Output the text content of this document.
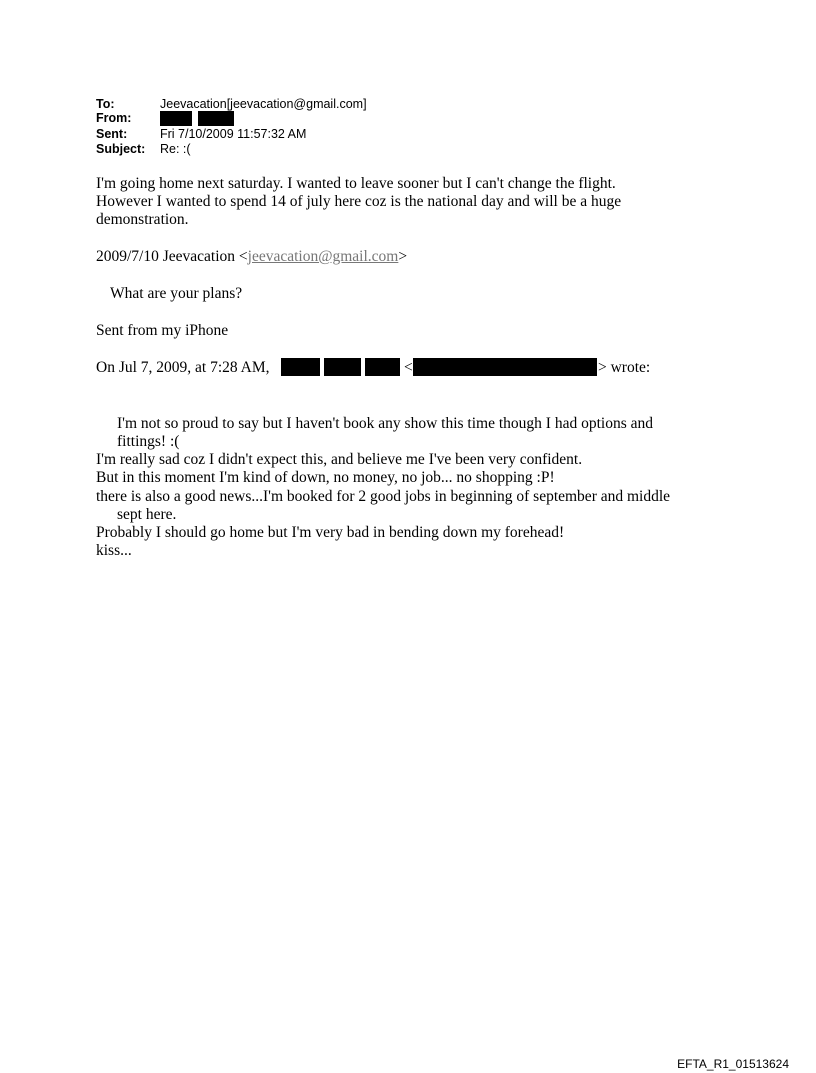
To:	Jeevacation[jeevacation@gmail.com]
From:

Sent:	Fri 7/10/2009 11:57:32 AM
Subject: Re: :(
I'm going home next saturday. I wanted to leave sooner but I can't change the flight.
However I wanted to spend 14 of july here coz is the national day and will be a huge
demonstration.
2009/7/10 Jeevacation <jeevacation@gmail.com>
What are your plans?
Sent from my iPhone
On Jul 7, 2009, at 7:28 AM,	<	> wrote:
I'm not so proud to say but I haven't book any show this time though I had options and
fittings! :(
I'm really sad coz I didn't expect this, and believe me I've been very confident.
But in this moment I'm kind of down, no money, no job... no shopping :P!
there is also a good news...I'm booked for 2 good jobs in beginning of september and middle
sept here.
Probably I should go home but I'm very bad in bending down my forehead!
kiss...
EFTA_R1_01513624
